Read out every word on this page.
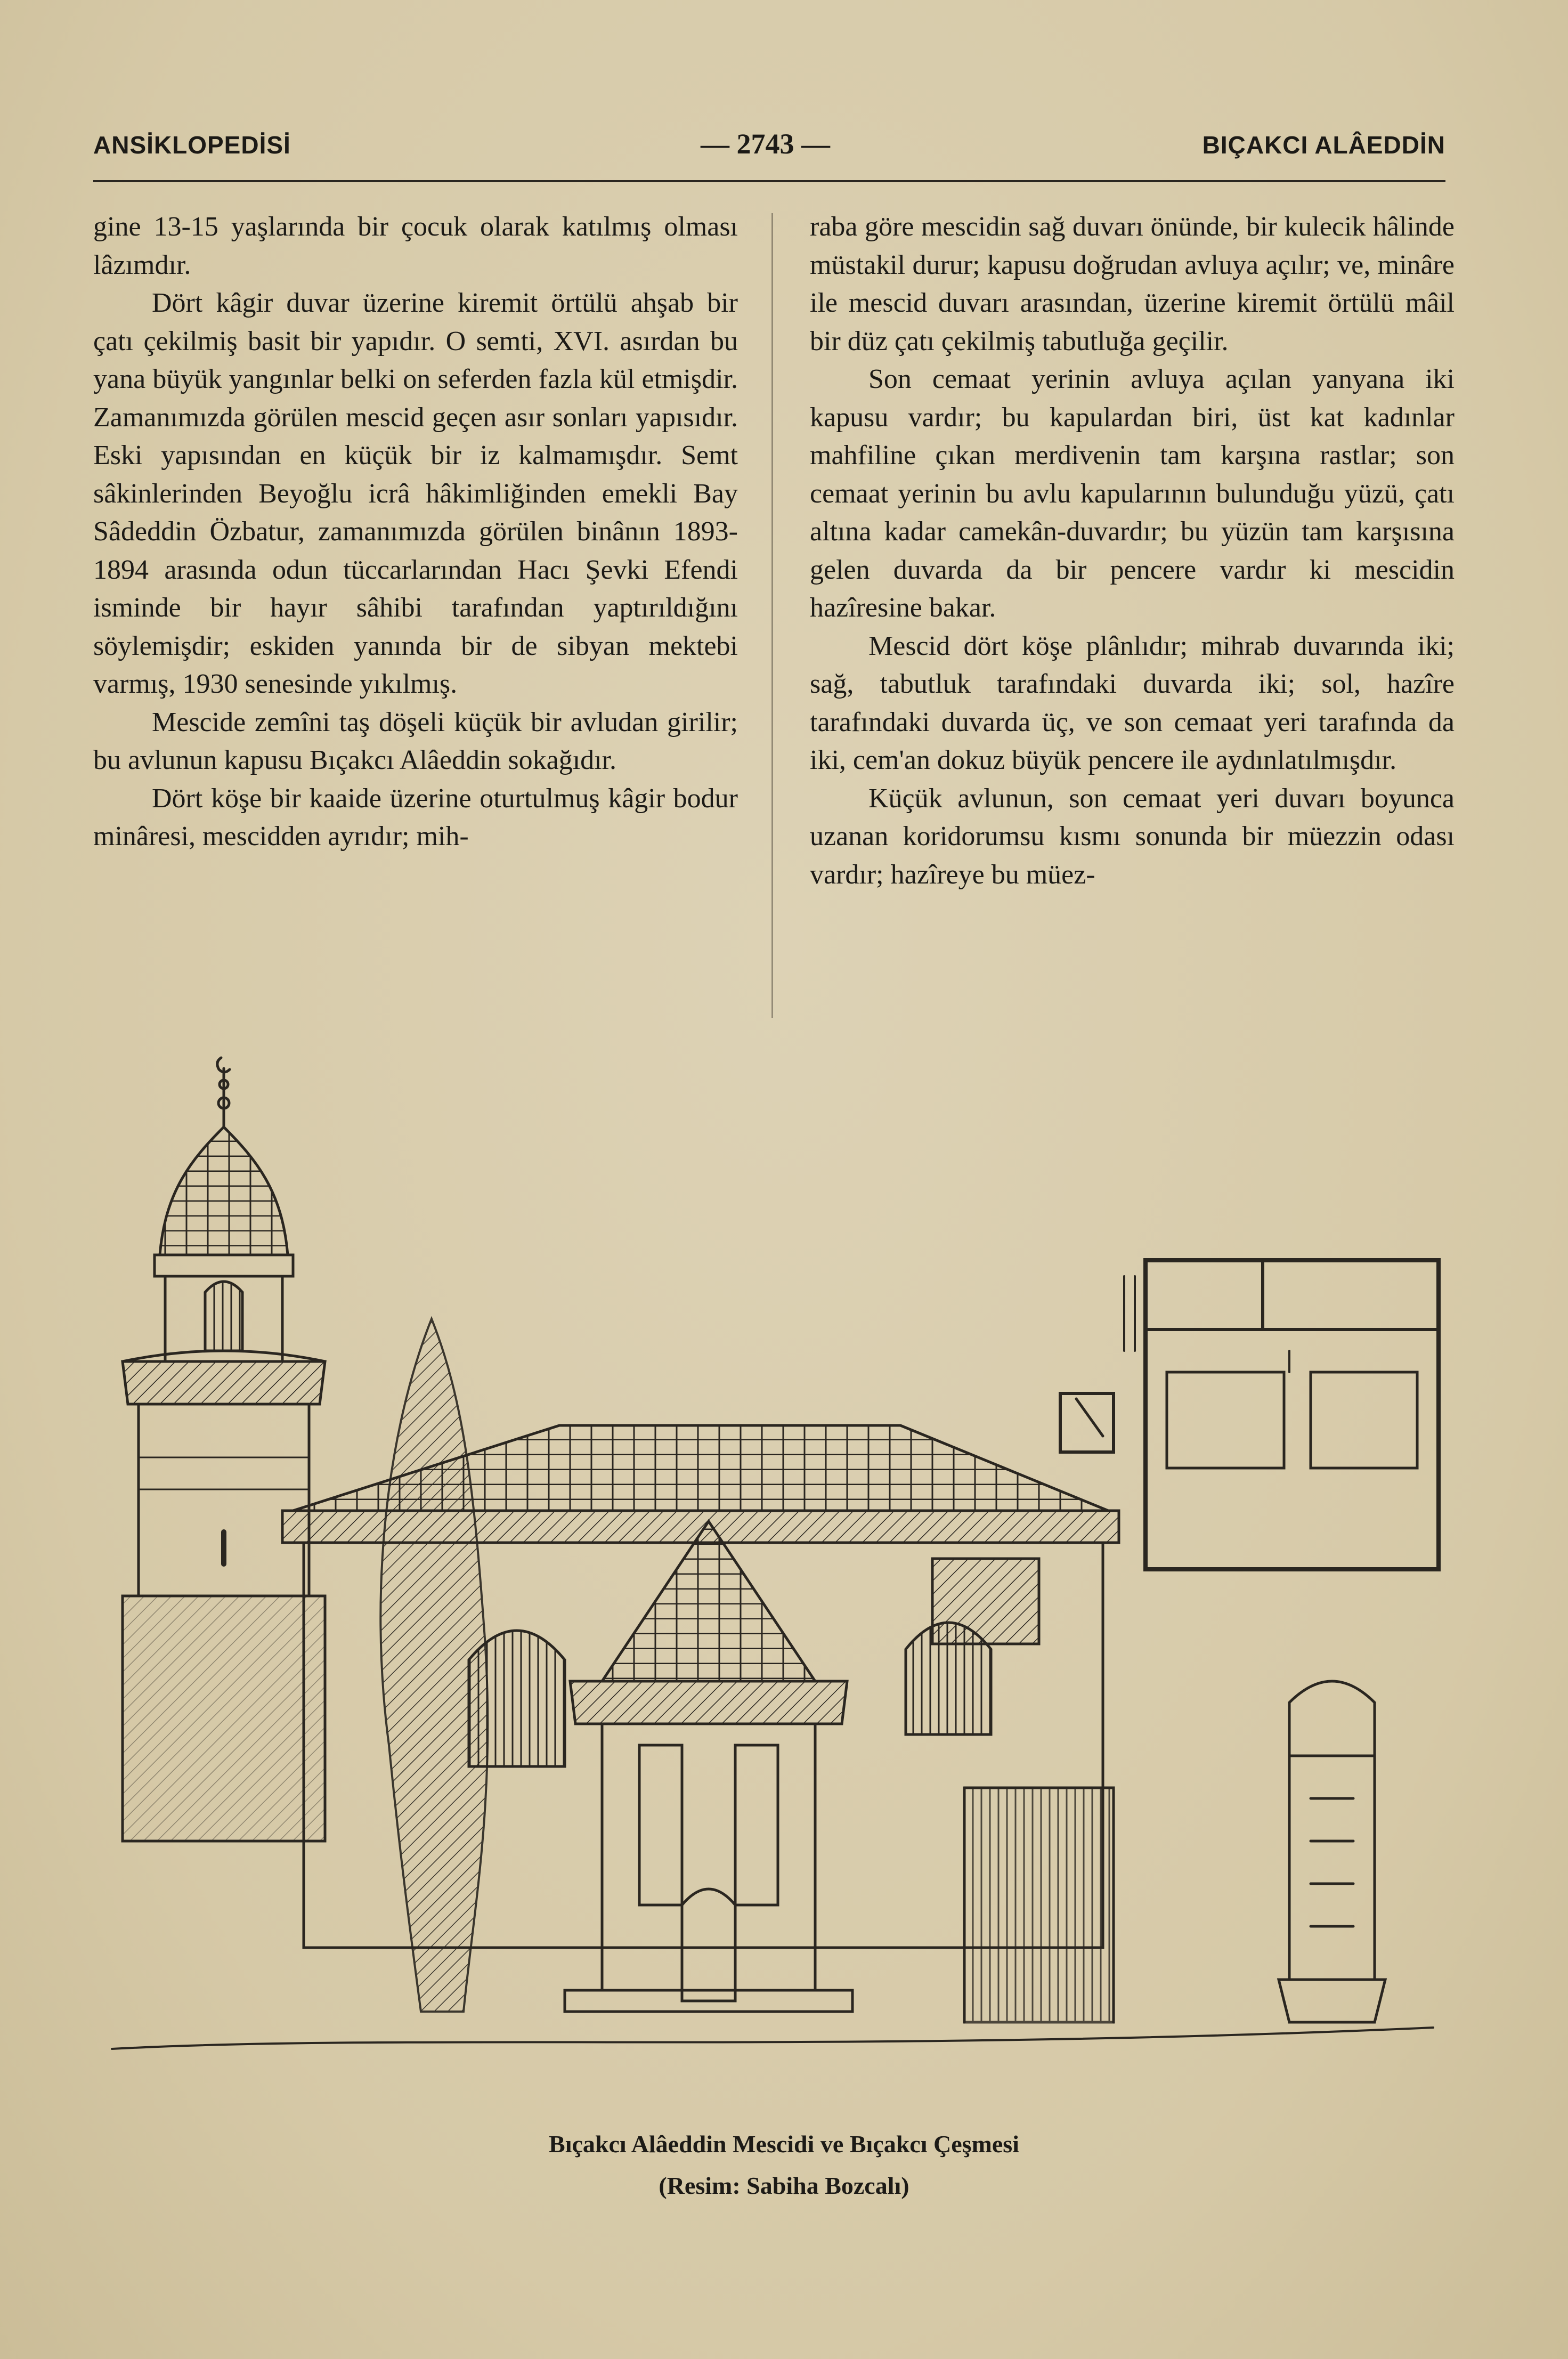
ANSİKLOPEDİSİ	— 2743 —	BIÇAKCI ALÂEDDİN

gine 13-15 yaşlarında bir çocuk olarak katılmış olması lâzımdır.

Dört kâgir duvar üzerine kiremit örtülü ahşab bir çatı çekilmiş basit bir yapıdır. O semti, XVI. asırdan bu yana büyük yangınlar belki on seferden fazla kül etmişdir. Zamanımızda görülen mescid geçen asır sonları yapısıdır. Eski yapısından en küçük bir iz kalmamışdır. Semt sâkinlerinden Beyoğlu icrâ hâkimliğinden emekli Bay Sâdeddin Özbatur, zamanımızda görülen binânın 1893-1894 arasında odun tüccarlarından Hacı Şevki Efendi isminde bir hayır sâhibi tarafından yaptırıldığını söylemişdir; eskiden yanında bir de sibyan mektebi varmış, 1930 senesinde yıkılmış.

Mescide zemîni taş döşeli küçük bir avludan girilir; bu avlunun kapusu Bıçakcı Alâeddin sokağıdır.

Dört köşe bir kaaide üzerine oturtulmuş kâgir bodur minâresi, mescidden ayrıdır; mih-

raba göre mescidin sağ duvarı önünde, bir kulecik hâlinde müstakil durur; kapusu doğrudan avluya açılır; ve, minâre ile mescid duvarı arasından, üzerine kiremit örtülü mâil bir düz çatı çekilmiş tabutluğa geçilir.

Son cemaat yerinin avluya açılan yanyana iki kapusu vardır; bu kapulardan biri, üst kat kadınlar mahfiline çıkan merdivenin tam karşına rastlar; son cemaat yerinin bu avlu kapularının bulunduğu yüzü, çatı altına kadar camekân-duvardır; bu yüzün tam karşısına gelen duvarda da bir pencere vardır ki mescidin hazîresine bakar.

Mescid dört köşe plânlıdır; mihrab duvarında iki; sağ, tabutluk tarafındaki duvarda iki; sol, hazîre tarafındaki duvarda üç, ve son cemaat yeri tarafında da iki, cem'an dokuz büyük pencere ile aydınlatılmışdır.

Küçük avlunun, son cemaat yeri duvarı boyunca uzanan koridorumsu kısmı sonunda bir müezzin odası vardır; hazîreye bu müez-

Bıçakcı Alâeddin Mescidi ve Bıçakcı Çeşmesi
(Resim: Sabiha Bozcalı)
